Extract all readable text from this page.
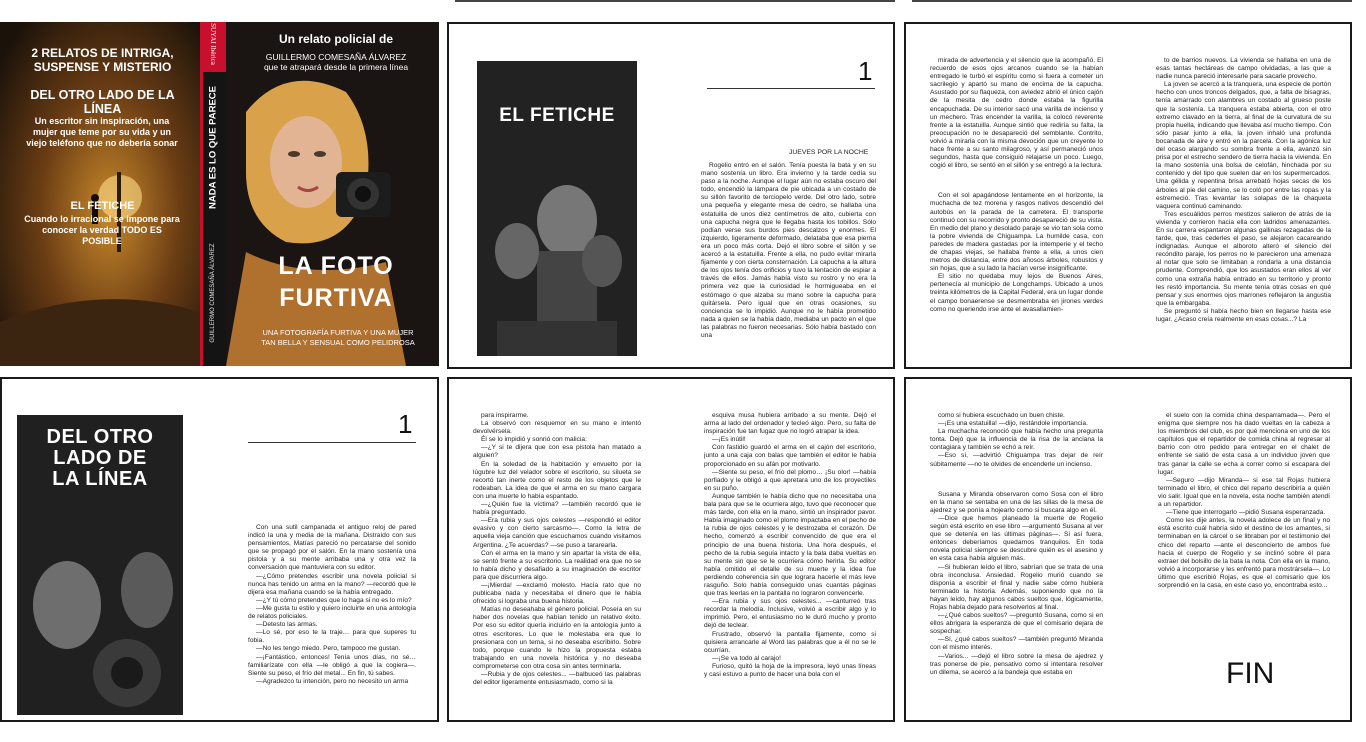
2 RELATOS DE INTRIGA, SUSPENSE Y MISTERIO
DEL OTRO LADO DE LA LÍNEA
Un escritor sin inspiración, una mujer que teme por su vida y un viejo teléfono que no debería sonar
EL FETICHE
Cuando lo irracional se impone para conocer la verdad TODO ES POSIBLE
SUYAI Ibérica
NADA ES LO QUE PARECE
GUILLERMO COMESAÑA ÁLVAREZ
Un relato policial de
GUILLERMO COMESAÑA ÁLVAREZ
que te atrapará desde la primera línea
LA FOTO
FURTIVA
UNA FOTOGRAFÍA FURTIVA Y UNA MUJER TAN BELLA Y SENSUAL COMO PELIDROSA
EL FETICHE
1
JUEVES POR LA NOCHE

Rogelio entró en el salón. Tenía puesta la bata y en su mano sostenía un libro. Era invierno y la tarde cedía su paso a la noche. Aunque el lugar aún no estaba oscuro del todo, encendió la lámpara de pie ubicada a un costado de su sillón favorito de terciopelo verde. Del otro lado, sobre una pequeña y elegante mesa de cedro, se hallaba una estatuilla de unos diez centímetros de alto, cubierta con una capucha negra que le llegaba hasta los tobillos. Sólo podían verse sus burdos pies descalzos y enormes. El izquierdo, ligeramente deformado, delataba que esa pierna era un poco más corta. Dejó el libro sobre el sillón y se acercó a la estatuilla. Frente a ella, no pudo evitar mirarla fijamente y con cierta consternación. La capucha a la altura de los ojos tenía dos orificios y tuvo la tentación de espiar a través de ellos. Jamás había visto su rostro y no era la primera vez que la curiosidad le hormigueaba en el estómago o que alzaba su mano sobre la capucha para quitársela. Pero igual que en otras ocasiones, su conciencia se lo impidió. Aunque no le había prometido nada a quien se la había dado, mediaba un pacto en el que las palabras no fueron necesarias. Sólo había bastado con una

mirada de advertencia y el silencio que la acompañó. El recuerdo de esos ojos arcanos cuando se la habían entregado le turbó el espíritu como si fuera a cometer un sacrilegio y apartó su mano de encima de la capucha. Asustado por su flaqueza, con aviedez abrió el único cajón de la mesita de cedro donde estaba la figurilla encapuchada. De su interior sacó una varilla de incienso y un mechero. Tras encender la varilla, la colocó reverente frente a la estatuilla. Aunque sintió que rediría su falta, la preocupación no le desapareció del semblante. Contrito, volvió a mirarla con la misma devoción que un creyente lo hace frente a su santo milagroso, y así permaneció unos segundos, hasta que consiguió relajarse un poco. Luego, cogió el libro, se sentó en el sillón y se entregó a la lectura.

Con el sol apagándose lentamente en el horizonte, la muchacha de tez morena y rasgos nativos descendió del autobús en la parada de la carretera. El transporte continuó con su recorrido y pronto desapareció de su vista. En medio del plano y desolado paraje se vio tan sola como la pobre vivienda de Chiguampa. La humilde casa, con paredes de madera gastadas por la intemperie y el techo de chapas viejas, se hallaba frente a ella, a unos cien metros de distancia, entre dos añosos árboles, robustos y sin hojas, que a su lado la hacían verse insignificante.

El sitio no quedaba muy lejos de Buenos Aires, pertenecía al municipio de Longchamps. Ubicado a unos treinta kilómetros de la Capital Federal, era un lugar donde el campo bonaerense se desmembraba en jirones verdes como no queriendo irse ante el avasallamien-

to de barrios nuevos. La vivienda se hallaba en una de esas tantas hectáreas de campo olvidadas, a las que a nadie nunca pareció interesarle para sacarle provecho.

La joven se acercó a la tranquera, una especie de portón hecho con unos troncos delgados, que, a falta de bisagras, tenía amarrado con alambres un costado al grueso poste que la sostenía. La tranquera estaba abierta, con el otro extremo clavado en la tierra, al final de la curvatura de su propia huella, indicando que llevaba así mucho tiempo. Con sólo pasar junto a ella, la joven inhaló una profunda bocanada de aire y entró en la parcela. Con la agónica luz del ocaso alargando su sombra frente a ella, avanzó sin prisa por el estrecho sendero de tierra hacia la vivienda. En la mano sostenía una bolsa de celofán, hinchada por su contenido y del tipo que suelen dar en los supermercados. Una gélida y repentina brisa arrebató hojas secas de los árboles al pie del camino, se lo coló por entre las ropas y la estremeció. Tras levantar las solapas de la chaqueta vaquera continuó caminando.

Tres escuálidos perros mestizos salieron de atrás de la vivienda y corrieron hacia ella con ladridos amenazantes. En su carrera espantaron algunas gallinas rezagadas de la tarde, que, tras cederles el paso, se alejaron cacareando indignadas. Aunque el alboroto alteró el silencio del recóndito paraje, los perros no le parecieron una amenaza al notar que solo se limitaban a rondarla a una distancia prudente. Comprendió, que los asustados eran ellos al ver como una extraña había entrado en su territorio y pronto les restó importancia. Su mente tenía otras cosas en qué pensar y sus enormes ojos marrones reflejaron la angustia que la embargaba.

Se preguntó si había hecho bien en llegarse hasta ese lugar. ¿Acaso creía realmente en esas cosas...? La

DEL OTRO LADO DE LA LÍNEA
1

Con una sutil campanada el antiguo reloj de pared indicó la una y media de la mañana. Distraído con sus pensamientos, Matías pareció no percatarse del sonido que se propagó por el salón. En la mano sostenía una pistola y a su mente arribaba una y otra vez la conversación que mantuviera con su editor.

—¿Cómo pretendes escribir una novela policial si nunca has tenido un arma en la mano? —recordó que le dijera esa mañana cuando se la había entregado.

—¿Y tú cómo pretendes que lo haga si no es lo mío?

—Me gusta tu estilo y quiero incluirte en una antología de relatos policiales.

—Detesto las armas.

—Lo sé, por eso te la traje… para que superes tu fobia.

—No les tengo miedo. Pero, tampoco me gustan.

—¡Fantástico, entonces! Tenía unos días, no sé… familiarízate con ella —le obligó a que la cogiera—. Siente su peso, el frío del metal... En fin, tú sabes.

—Agradezco tu intención, pero no necesito un arma

para inspirarme.

La observó con resquemor en su mano e intentó devolvérsela.

Él se lo impidió y sonrió con malicia:

—¿Y si te dijera que con esa pistola han matado a alguien?

En la soledad de la habitación y envuelto por la lúgubre luz del velador sobre el escritorio, su silueta se recortó tan inerte como el resto de los objetos que le rodeaban. La idea de que el arma en su mano cargara con una muerte lo había espantado.

—¿Quién fue la víctima? —también recordó que le había preguntado.

—Era rubia y sus ojos celestes —respondió el editor evasivo y con cierto sarcasmo—. Como la letra de aquella vieja canción que escuchamos cuando visitamos Argentina. ¿Te acuerdas? —se puso a tararearla.

Con el arma en la mano y sin apartar la vista de ella, se sentó frente a su escritorio. La realidad era que no se lo había dicho y desafiado a su imaginación de escritor para que discurriera algo.

—¡Mierda! —exclamó molesto. Hacía rato que no publicaba nada y necesitaba el dinero que le había ofrecido si lograba una buena historia.

Matías no deseahaba el género policial. Poseía en su haber dos novelas que habían tenido un relativo éxito. Por eso su editor quería incluirlo en la antología junto a otros escritores. Lo que le molestaba era que lo presionara con un tema, si no deseaba escribirlo. Sobre todo, porque cuando le hizo la propuesta estaba trabajando en una novela histórica y no deseaba comprometerse con otra cosa sin antes terminarla.

—Rubia y de ojos celestes... —balbuceó las palabras del editor ligeramente entusiasmado, como si la

esquiva musa hubiera arribado a su mente. Dejó el arma al lado del ordenador y tecleó algo. Pero, su falta de inspiración fue tan fugaz que no logró atrapar la idea.

—¡Es inútil!

Con fastidio guardó el arma en el cajón del escritorio, junto a una caja con balas que también el editor le había proporcionado en su afán por motivarlo.

—Siente su peso, el frío del plomo… ¡Su olor! —había porfiado y le obligó a que apretara uno de los proyectiles en su puño.

Aunque también le había dicho que no necesitaba una bala para que se le ocurriera algo, tuvo que reconocer que más tarde, con ella en la mano, sintió un inspirador pavor. Había imaginado como el plomo impactaba en el pecho de la rubia de ojos celestes y le destrozaba el corazón. De hecho, comenzó a escribir convencido de que era el principio de una buena historia. Una hora después, el pecho de la rubia seguía intacto y la bala daba vueltas en su mente sin que se le ocurriera cómo herirla. Su editor había omitido el detalle de su muerte y la idea fue perdiendo coherencia sin que lograra hacerle el más leve rasguño. Solo había conseguido unas cuantas páginas que tras leerlas en la pantalla no lograron convencerle.

—Era rubia y sus ojos celestes... —canturreó tras recordar la melodía. Inclusive, volvió a escribir algo y lo imprimió. Pero, el entusiasmo no le duró mucho y pronto dejó de teclear.

Frustrado, observó la pantalla fijamente, como si quisiera arrancarle al Word las palabras que a él no se le ocurrían.

—¡Se va todo al carajo!

Furioso, quitó la hoja de la impresora, leyó unas líneas y casi estuvo a punto de hacer una bola con el

como si hubiera escuchado un buen chiste.

—¡Es una estatuilla! —dijo, restándole importancia.

La muchacha reconoció que había hecho una pregunta tonta. Dejó que la influencia de la risa de la anciana la contagiara y también se echó a reír.

—Eso sí, —advirtió Chiguampa tras dejar de reír súbitamente —no te olvides de encenderle un incienso.

Susana y Miranda observaron como Sosa con el libro en la mano se sentaba en una de las sillas de la mesa de ajedrez y se ponía a hojearlo como si buscara algo en él.

—Dice que hemos planeado la muerte de Rogelio según está escrito en ese libro —argumentó Susana al ver que se detenía en las últimas páginas—. Si así fuera, entonces deberíamos quedarnos tranquilos. En toda novela policial siempre se descubre quién es el asesino y en esta casa había alguien más.

—Si hubieran leído el libro, sabrían que se trata de una obra inconclusa. Ansiedad. Rogelio murió cuando se disponía a escribir el final y nadie sabe cómo hubiera terminado la historia. Además, suponiendo que no la hayan leído, hay algunos cabos sueltos que, lógicamente, Rojas había dejado para resolverlos al final.

—¿Qué cabos sueltos? —preguntó Susana, como si en ellos abrigara la esperanza de que el comisario dejara de sospechar.

—Sí, ¿qué cabos sueltos? —también preguntó Miranda con el mismo interés.

—Varios... —dejó el libro sobre la mesa de ajedrez y tras ponerse de pie, pensativo como si intentara resolver un dilema, se acercó a la bandeja que estaba en

el suelo con la comida china desparramada—. Pero el enigma que siempre nos ha dado vueltas en la cabeza a los miembros del club, es por qué menciona en uno de los capítulos que el repartidor de comida china al regresar al barrio con otro pedido para entregar en el chalet de enfrente se salió de esta casa a un individuo joven que tras ganar la calle se echa a correr como si escapara del lugar.

—Seguro —dijo Miranda— si ese tal Rojas hubiera terminado el libro, el chico del reparto describiría a quién vio salir. Igual que en la novela, esta noche también atendí a un repartidor.

—Tiene que interrogarlo —pidió Susana esperanzada.

Como les dije antes, la novela adolece de un final y no está escrito cuál habría sido el destino de los amantes, si terminaban en la cárcel o se libraban por el testimonio del chico del reparto —ante el desconcierto de ambos fue hacia el cuerpo de Rogelio y se inclinó sobre él para extraer del bolsillo de la bata la nota. Con ella en la mano, volvió a incorporarse y les enfrentó para mostrársela—. Lo último que escribió Rojas, es que el comisario que los sorprendió en la casa, en este caso yo, encontraba esto...

FIN
